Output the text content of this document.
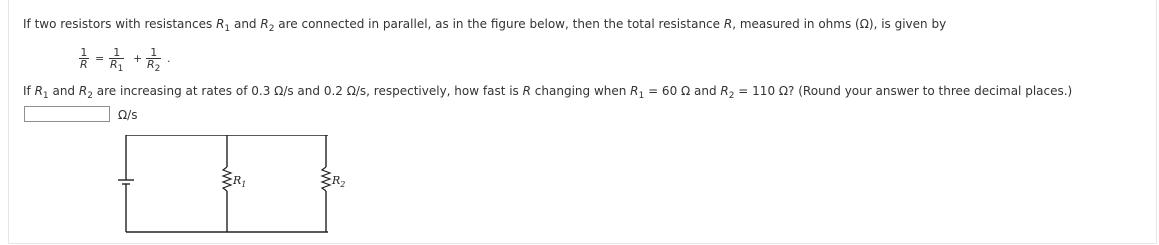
If two resistors with resistances $R_1$ and $R_2$ are connected in parallel, as in the figure below, then the total resistance R, measured in ohms (Ω), is given by
$\frac{1}{R} = \frac{1}{R_1} + \frac{1}{R_2}$ .
If $R_1$ and $R_2$ are increasing at rates of 0.3 Ω/s and 0.2 Ω/s, respectively, how fast is R changing when $R_1 = 60$ Ω and $R_2 = 110$ Ω? (Round your answer to three decimal places.)
Ω/s
$R_1$	$R_2$
